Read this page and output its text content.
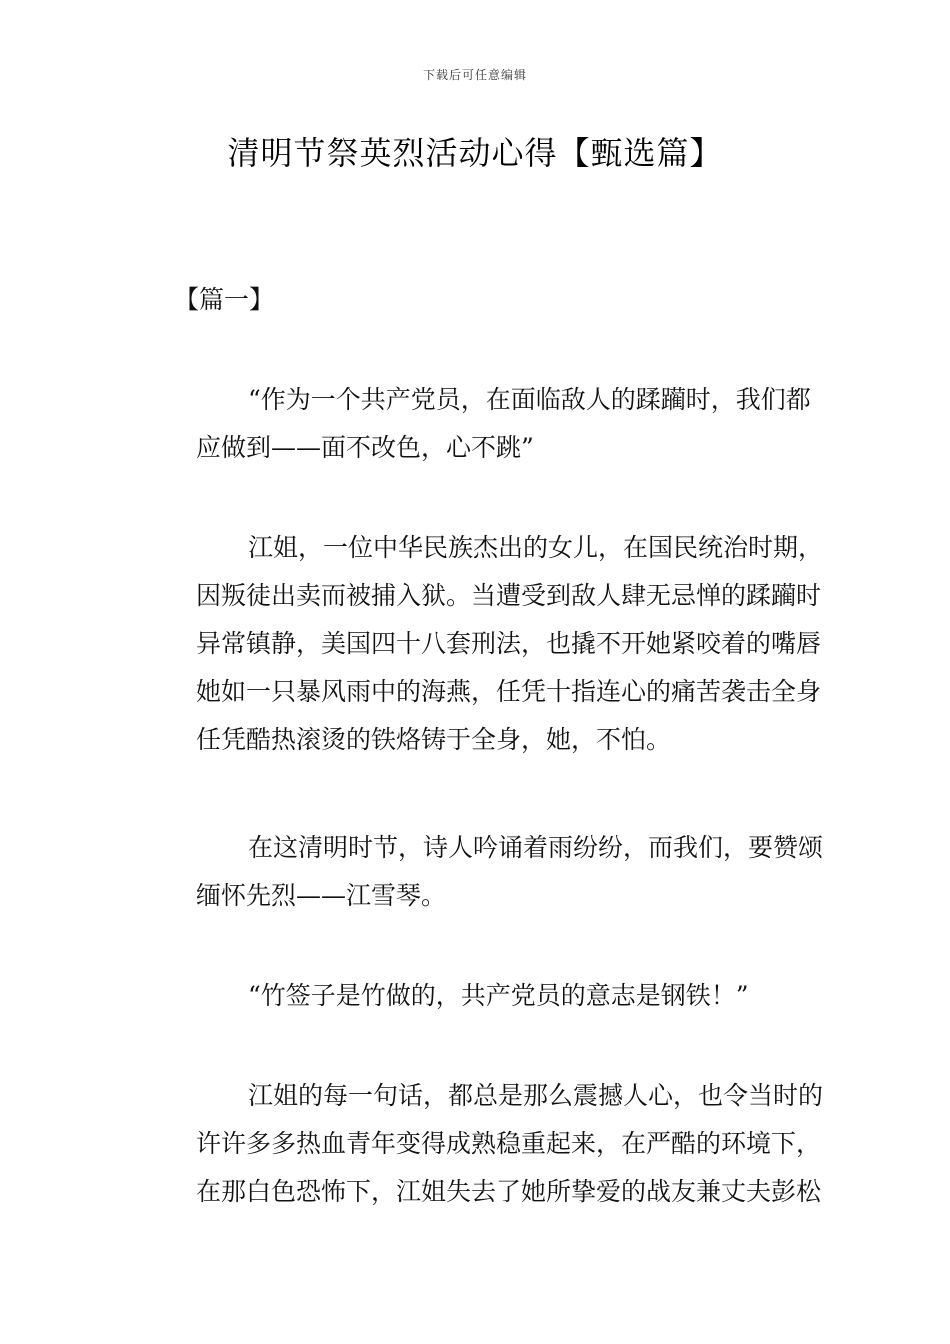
下载后可任意编辑
清明节祭英烈活动心得【甄选篇】
【篇一】
“作为一个共产党员，在面临敌人的蹂躏时，我们都
应做到——面不改色，心不跳”
江姐，一位中华民族杰出的女儿，在国民统治时期，
因叛徒出卖而被捕入狱。当遭受到敌人肆无忌惮的蹂躏时
异常镇静，美国四十八套刑法，也撬不开她紧咬着的嘴唇
她如一只暴风雨中的海燕，任凭十指连心的痛苦袭击全身
任凭酷热滚烫的铁烙铸于全身，她，不怕。
在这清明时节，诗人吟诵着雨纷纷，而我们，要赞颂
缅怀先烈——江雪琴。
“竹签子是竹做的，共产党员的意志是钢铁！”
江姐的每一句话，都总是那么震撼人心，也令当时的
许许多多热血青年变得成熟稳重起来，在严酷的环境下，
在那白色恐怖下，江姐失去了她所挚爱的战友兼丈夫彭松
